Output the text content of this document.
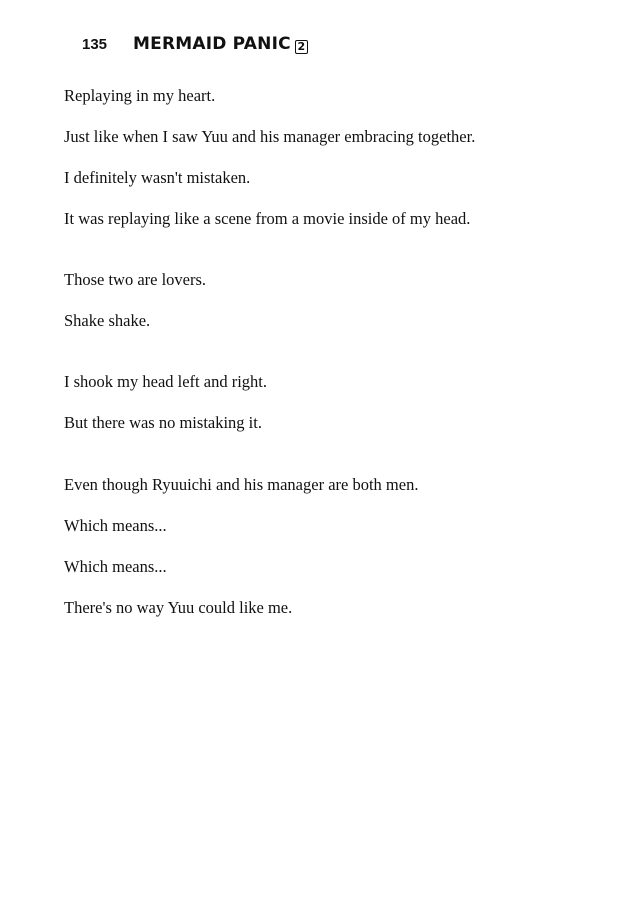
135 MERMAID PANIC 2
Replaying in my heart.
Just like when I saw Yuu and his manager embracing together.
I definitely wasn't mistaken.
It was replaying like a scene from a movie inside of my head.
Those two are lovers.
Shake shake.
I shook my head left and right.
But there was no mistaking it.
Even though Ryuuichi and his manager are both men.
Which means...
Which means...
There's no way Yuu could like me.
